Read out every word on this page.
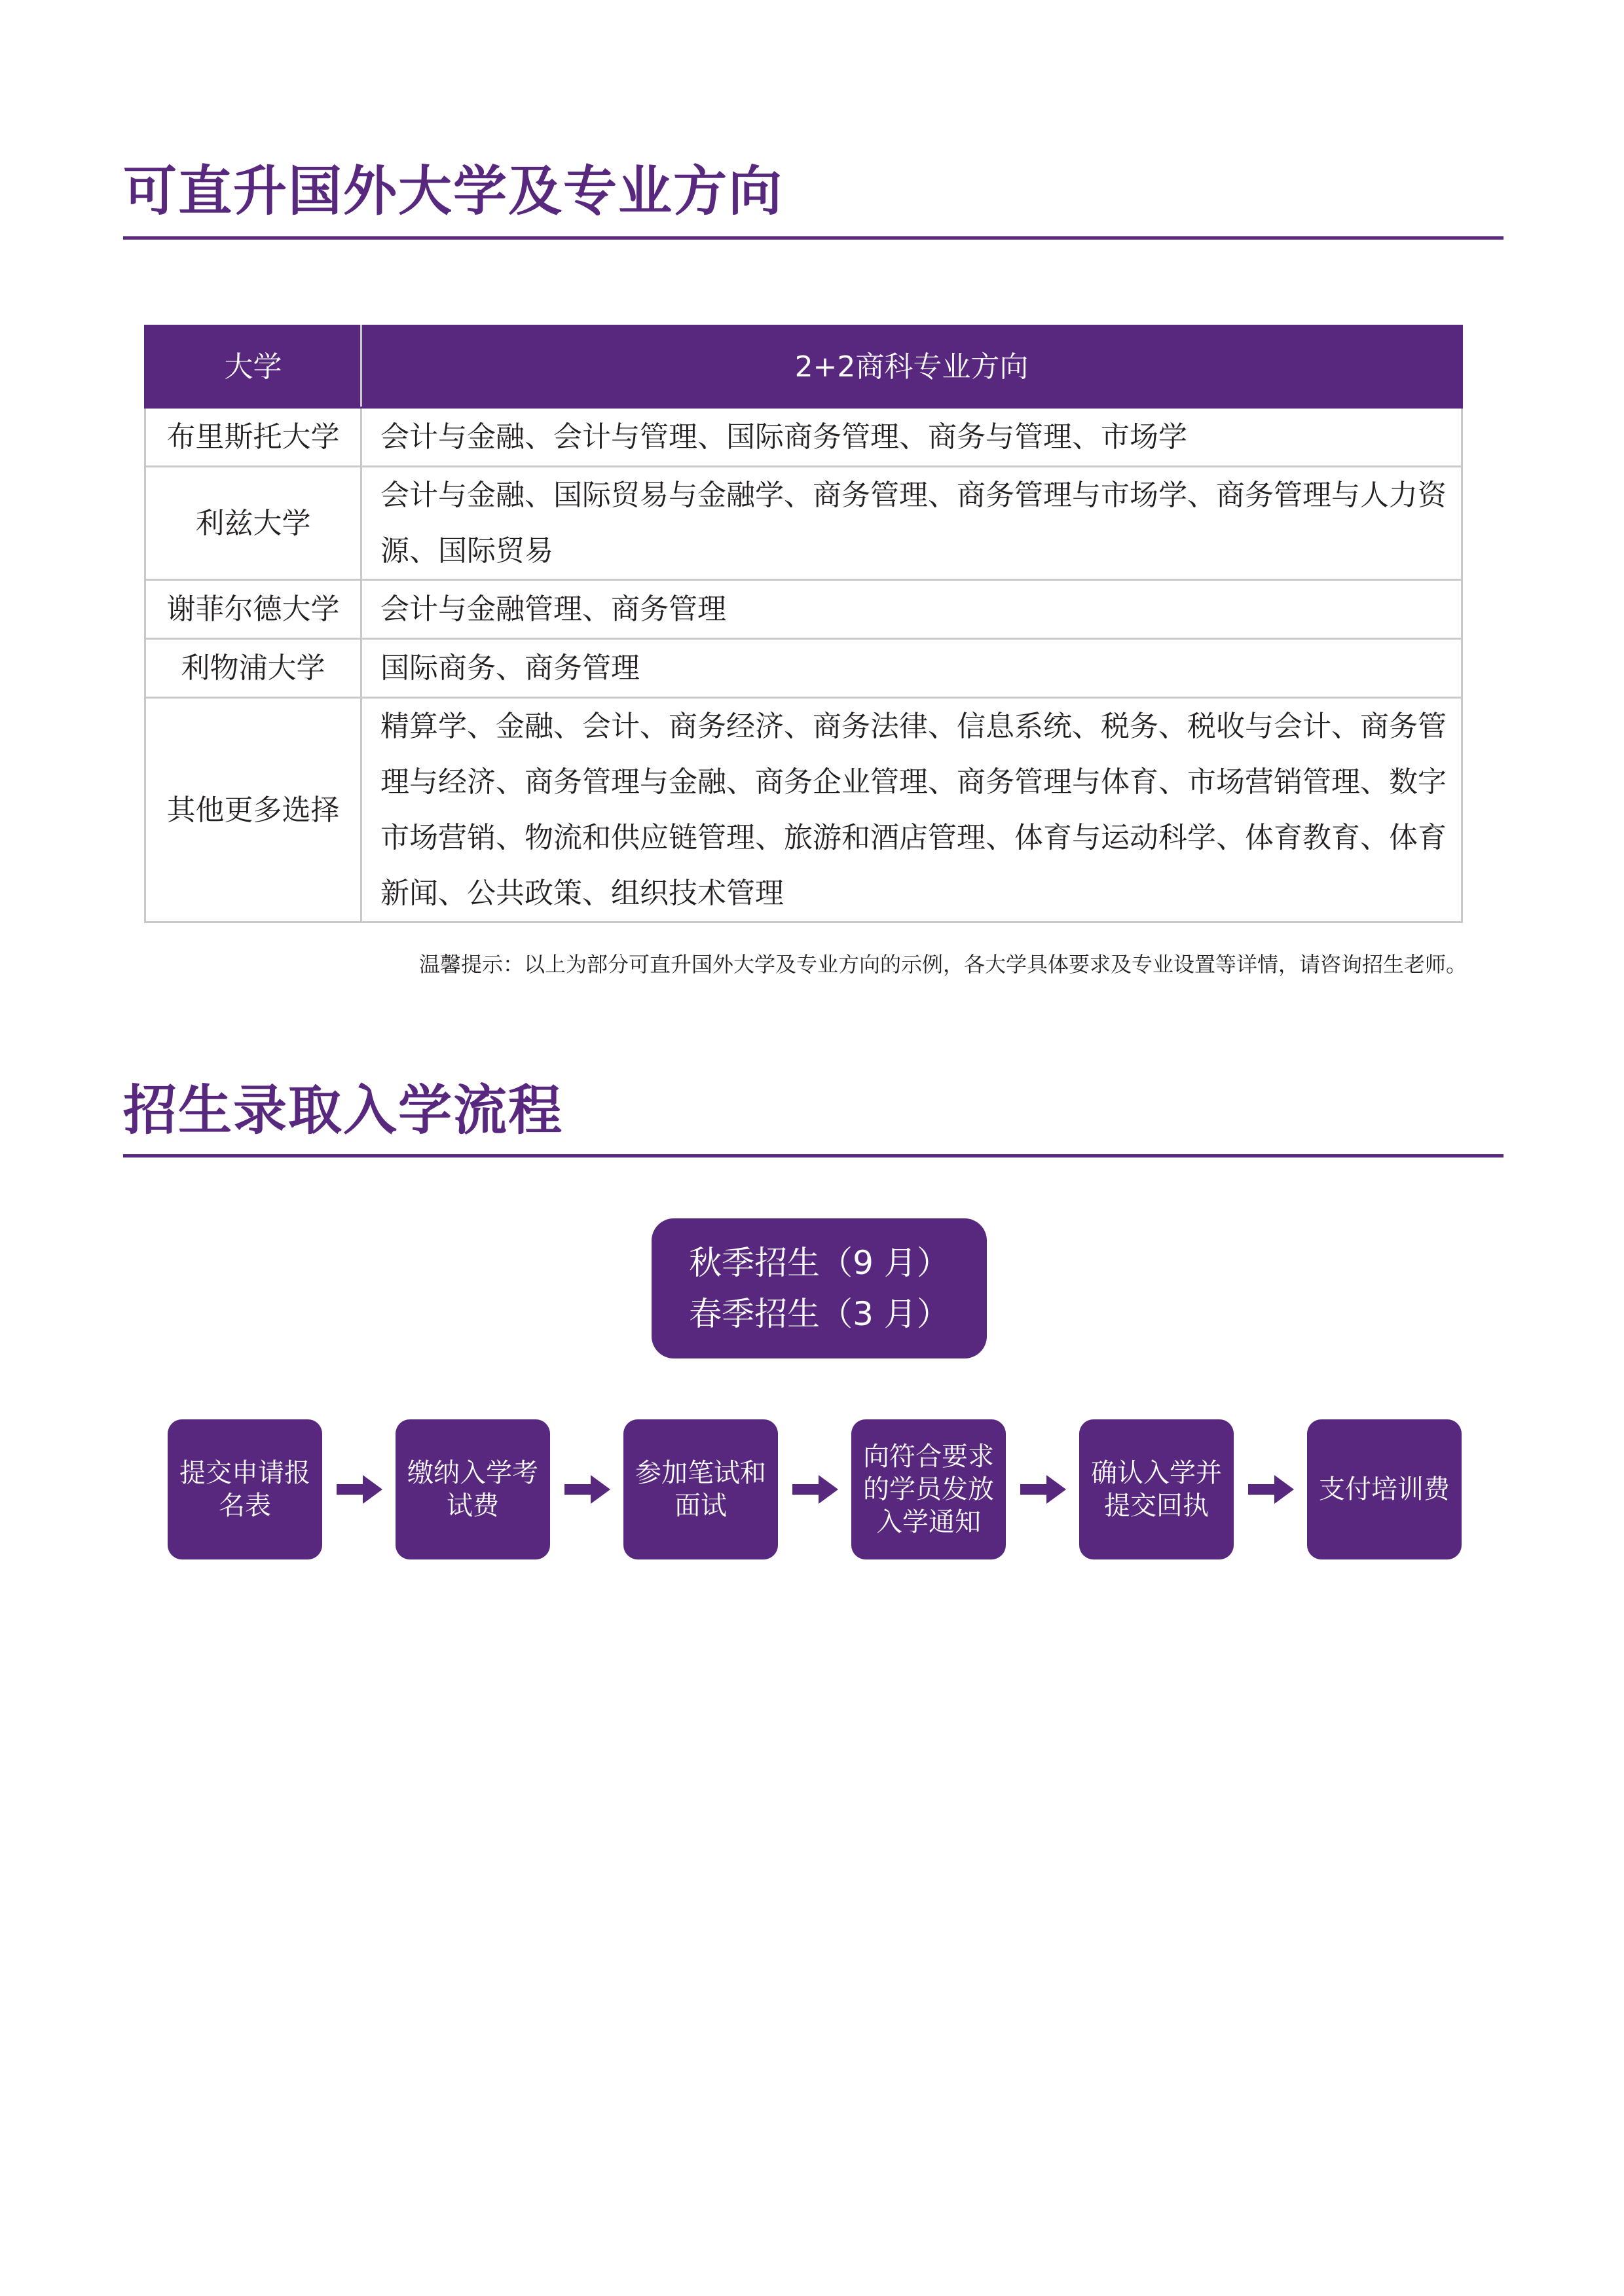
可直升国外大学及专业方向
大学	2+2商科专业方向
布里斯托大学	会计与金融、会计与管理、国际商务管理、商务与管理、市场学
利兹大学	会计与金融、国际贸易与金融学、商务管理、商务管理与市场学、商务管理与人力资源、国际贸易
谢菲尔德大学	会计与金融管理、商务管理
利物浦大学	国际商务、商务管理
其他更多选择	精算学、金融、会计、商务经济、商务法律、信息系统、税务、税收与会计、商务管理与经济、商务管理与金融、商务企业管理、商务管理与体育、市场营销管理、数字市场营销、物流和供应链管理、旅游和酒店管理、体育与运动科学、体育教育、体育新闻、公共政策、组织技术管理
温馨提示：以上为部分可直升国外大学及专业方向的示例，各大学具体要求及专业设置等详情，请咨询招生老师。
招生录取入学流程
秋季招生（9 月）
春季招生（3 月）
提交申请报名表
缴纳入学考试费
参加笔试和面试
向符合要求的学员发放入学通知
确认入学并提交回执
支付培训费
